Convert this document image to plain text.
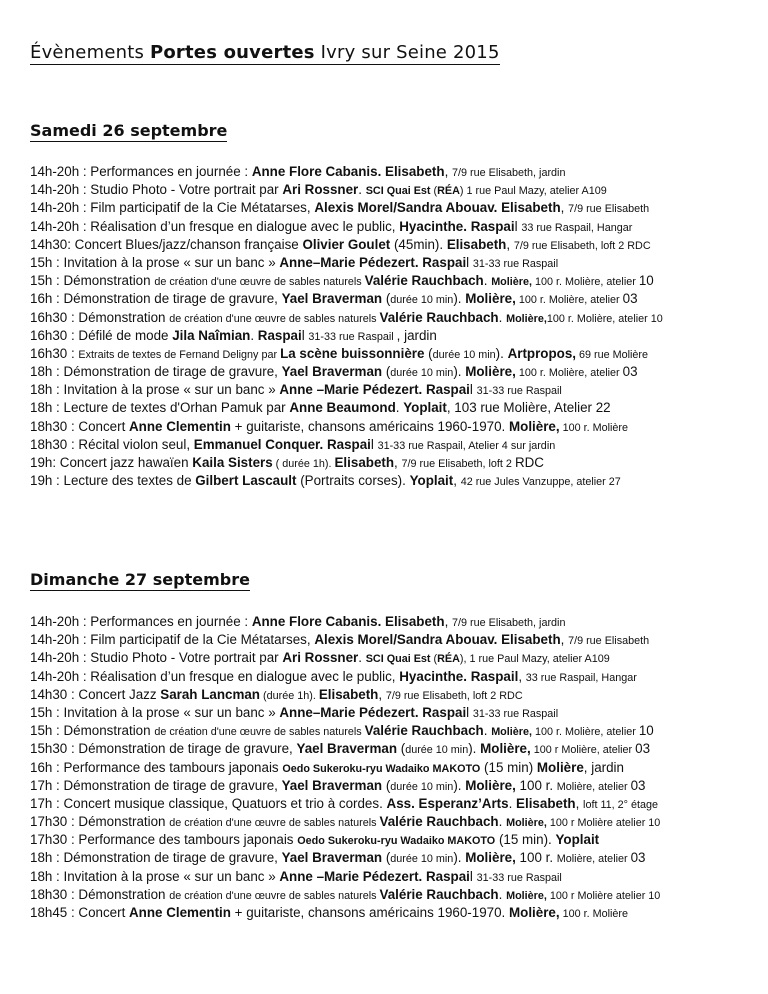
Évènements Portes ouvertes Ivry sur Seine 2015
Samedi 26 septembre
14h-20h : Performances en journée : Anne Flore Cabanis. Elisabeth, 7/9 rue Elisabeth, jardin
14h-20h : Studio Photo - Votre portrait par Ari Rossner. SCI Quai Est (RÉA) 1 rue Paul Mazy, atelier A109
14h-20h : Film participatif de la Cie Métatarses, Alexis Morel/Sandra Abouav. Elisabeth, 7/9 rue Elisabeth
14h-20h : Réalisation d’un fresque en dialogue avec le public, Hyacinthe. Raspail 33 rue Raspail, Hangar
14h30: Concert Blues/jazz/chanson française Olivier Goulet (45min). Elisabeth, 7/9 rue Elisabeth, loft 2 RDC
15h : Invitation à la prose « sur un banc » Anne–Marie Pédezert. Raspail 31-33 rue Raspail
15h : Démonstration de création d'une œuvre de sables naturels Valérie Rauchbach. Molière, 100 r. Molière, atelier 10
16h : Démonstration de tirage de gravure, Yael Braverman (durée 10 min). Molière, 100 r. Molière, atelier 03
16h30 : Démonstration de création d'une œuvre de sables naturels Valérie Rauchbach. Molière,100 r. Molière, atelier 10
16h30 : Défilé de mode Jila Naîmian. Raspail 31-33 rue Raspail , jardin
16h30 : Extraits de textes de Fernand Deligny par La scène buissonnière (durée 10 min). Artpropos, 69 rue Molière
18h : Démonstration de tirage de gravure, Yael Braverman (durée 10 min). Molière, 100 r. Molière, atelier 03
18h : Invitation à la prose « sur un banc » Anne –Marie Pédezert. Raspail 31-33 rue Raspail
18h : Lecture de textes d'Orhan Pamuk par Anne Beaumond. Yoplait, 103 rue Molière, Atelier 22
18h30 : Concert Anne Clementin + guitariste, chansons américains 1960-1970. Molière, 100 r. Molière
18h30 : Récital violon seul, Emmanuel Conquer. Raspail 31-33 rue Raspail, Atelier 4 sur jardin
19h: Concert jazz hawaïen Kaila Sisters ( durée 1h). Elisabeth, 7/9 rue Elisabeth, loft 2 RDC
19h : Lecture des textes de Gilbert Lascault (Portraits corses). Yoplait, 42 rue Jules Vanzuppe, atelier 27
Dimanche 27 septembre
14h-20h : Performances en journée : Anne Flore Cabanis. Elisabeth, 7/9 rue Elisabeth, jardin
14h-20h : Film participatif de la Cie Métatarses, Alexis Morel/Sandra Abouav. Elisabeth, 7/9 rue Elisabeth
14h-20h : Studio Photo - Votre portrait par Ari Rossner. SCI Quai Est (RÉA), 1 rue Paul Mazy, atelier A109
14h-20h : Réalisation d’un fresque en dialogue avec le public, Hyacinthe. Raspail, 33 rue Raspail, Hangar
14h30 : Concert Jazz Sarah Lancman (durée 1h). Elisabeth, 7/9 rue Elisabeth, loft 2 RDC
15h : Invitation à la prose « sur un banc » Anne–Marie Pédezert. Raspail 31-33 rue Raspail
15h : Démonstration de création d'une œuvre de sables naturels Valérie Rauchbach. Molière, 100 r. Molière, atelier 10
15h30 : Démonstration de tirage de gravure, Yael Braverman (durée 10 min). Molière, 100 r Molière, atelier 03
16h : Performance des tambours japonais Oedo Sukeroku-ryu Wadaiko MAKOTO (15 min) Molière, jardin
17h : Démonstration de tirage de gravure, Yael Braverman (durée 10 min). Molière, 100 r. Molière, atelier 03
17h : Concert musique classique, Quatuors et trio à cordes. Ass. Esperanz’Arts. Elisabeth, loft 11, 2° étage
17h30 : Démonstration de création d'une œuvre de sables naturels Valérie Rauchbach. Molière, 100 r Molière atelier 10
17h30 : Performance des tambours japonais Oedo Sukeroku-ryu Wadaiko MAKOTO (15 min). Yoplait
18h : Démonstration de tirage de gravure, Yael Braverman (durée 10 min). Molière, 100 r. Molière, atelier 03
18h : Invitation à la prose « sur un banc » Anne –Marie Pédezert. Raspail 31-33 rue Raspail
18h30 : Démonstration de création d'une œuvre de sables naturels Valérie Rauchbach. Molière, 100 r Molière atelier 10
18h45 : Concert Anne Clementin + guitariste, chansons américains 1960-1970. Molière, 100 r. Molière
